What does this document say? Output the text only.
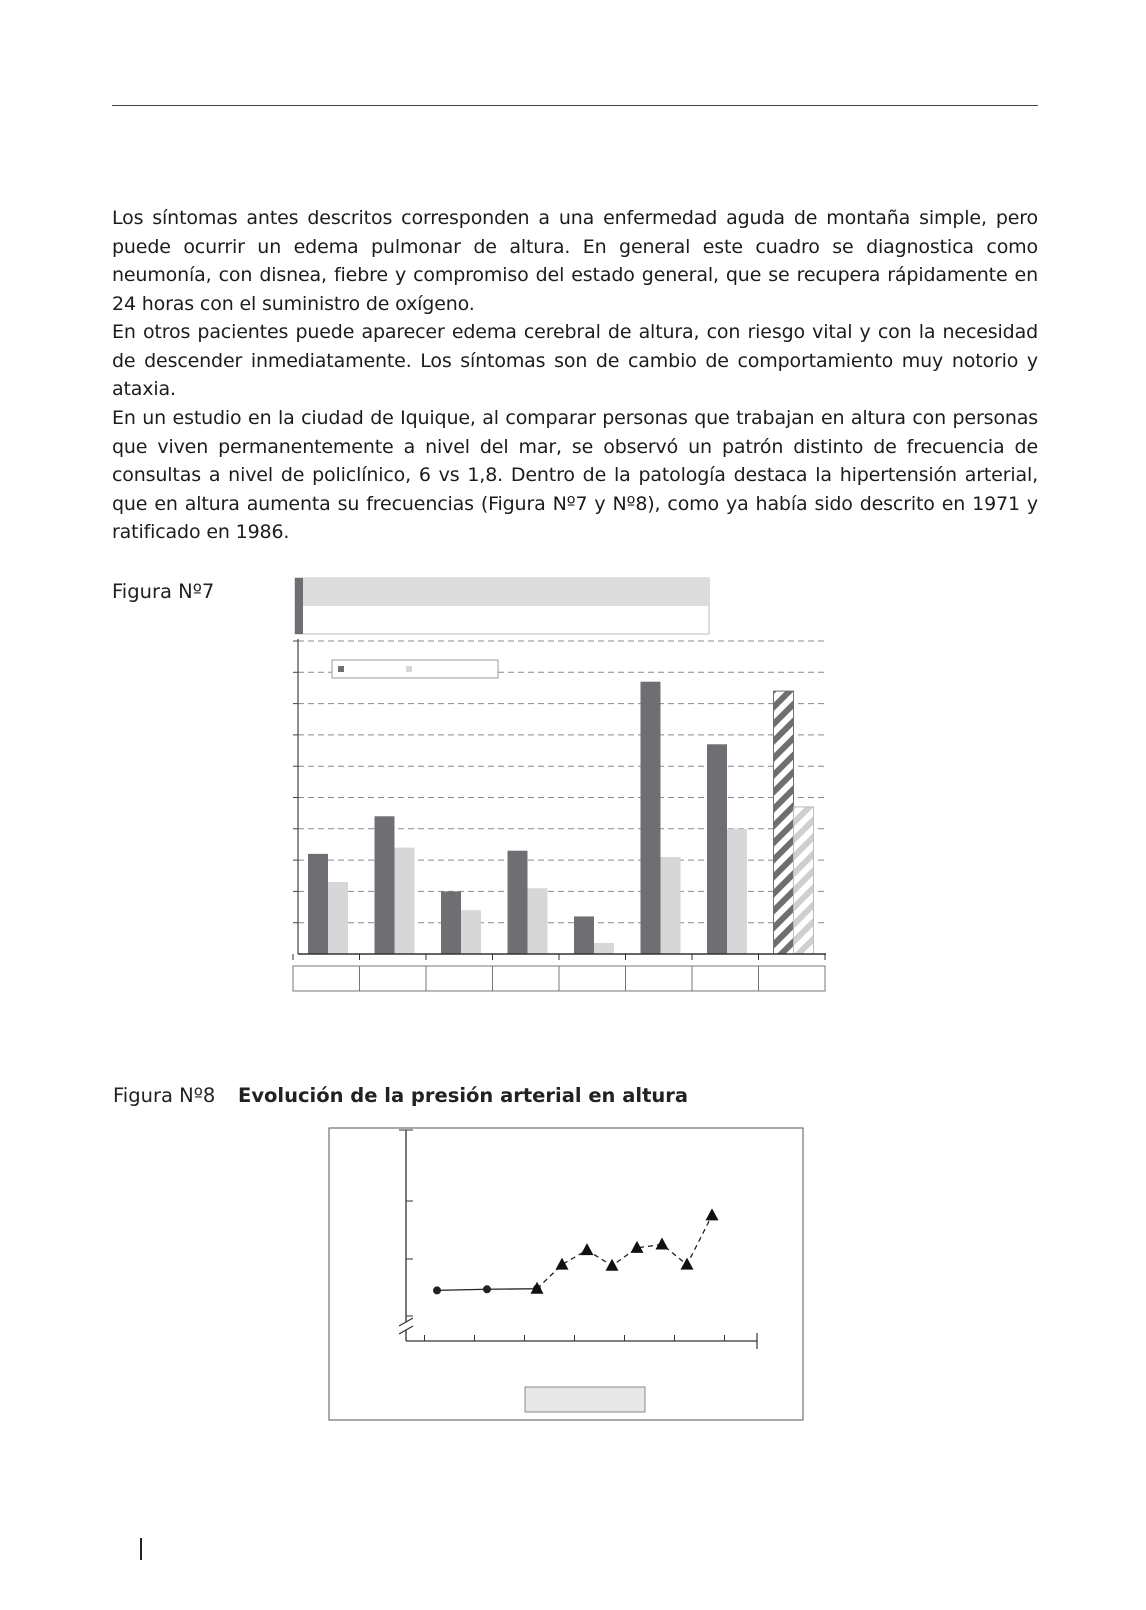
Los síntomas antes descritos corresponden a una enfermedad aguda de montaña simple, pero puede ocurrir un edema pulmonar de altura. En general este cuadro se diagnostica como neumonía, con disnea, fiebre y compromiso del estado general, que se recupera rápidamente en 24 horas con el suministro de oxígeno.

En otros pacientes puede aparecer edema cerebral de altura, con riesgo vital y con la necesidad de descender inmediatamente. Los síntomas son de cambio de comportamiento muy notorio y ataxia.

En un estudio en la ciudad de Iquique, al comparar personas que trabajan en altura con personas que viven permanentemente a nivel del mar, se observó un patrón distinto de frecuencia de consultas a nivel de policlínico, 6 vs 1,8. Dentro de la patología destaca la hipertensión arterial, que en altura aumenta su frecuencias (Figura Nº7 y Nº8), como ya había sido descrito en 1971 y ratificado en 1986.

Figura Nº7
Figura Nº8 Evolución de la presión arterial en altura
